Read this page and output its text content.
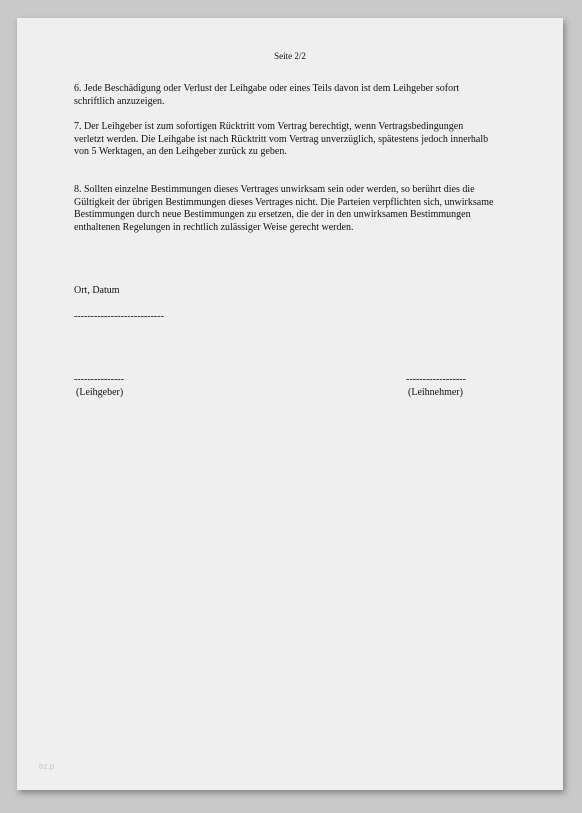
Seite 2/2

6. Jede Beschädigung oder Verlust der Leihgabe oder eines Teils davon ist dem Leihgeber sofort schriftlich anzuzeigen.

7. Der Leihgeber ist zum sofortigen Rücktritt vom Vertrag berechtigt, wenn Vertragsbedingungen verletzt werden. Die Leihgabe ist nach Rücktritt vom Vertrag unverzüglich, spätestens jedoch innerhalb von 5 Werktagen, an den Leihgeber zurück zu geben.

8. Sollten einzelne Bestimmungen dieses Vertrages unwirksam sein oder werden, so berührt dies die Gültigkeit der übrigen Bestimmungen dieses Vertrages nicht. Die Parteien verpflichten sich, unwirksame Bestimmungen durch neue Bestimmungen zu ersetzen, die der in den unwirksamen Bestimmungen enthaltenen Regelungen in rechtlich zulässiger Weise gerecht werden.

Ort, Datum

---------------------------

---------------
(Leihgeber)
------------------
(Leihnehmer)
bz.p
